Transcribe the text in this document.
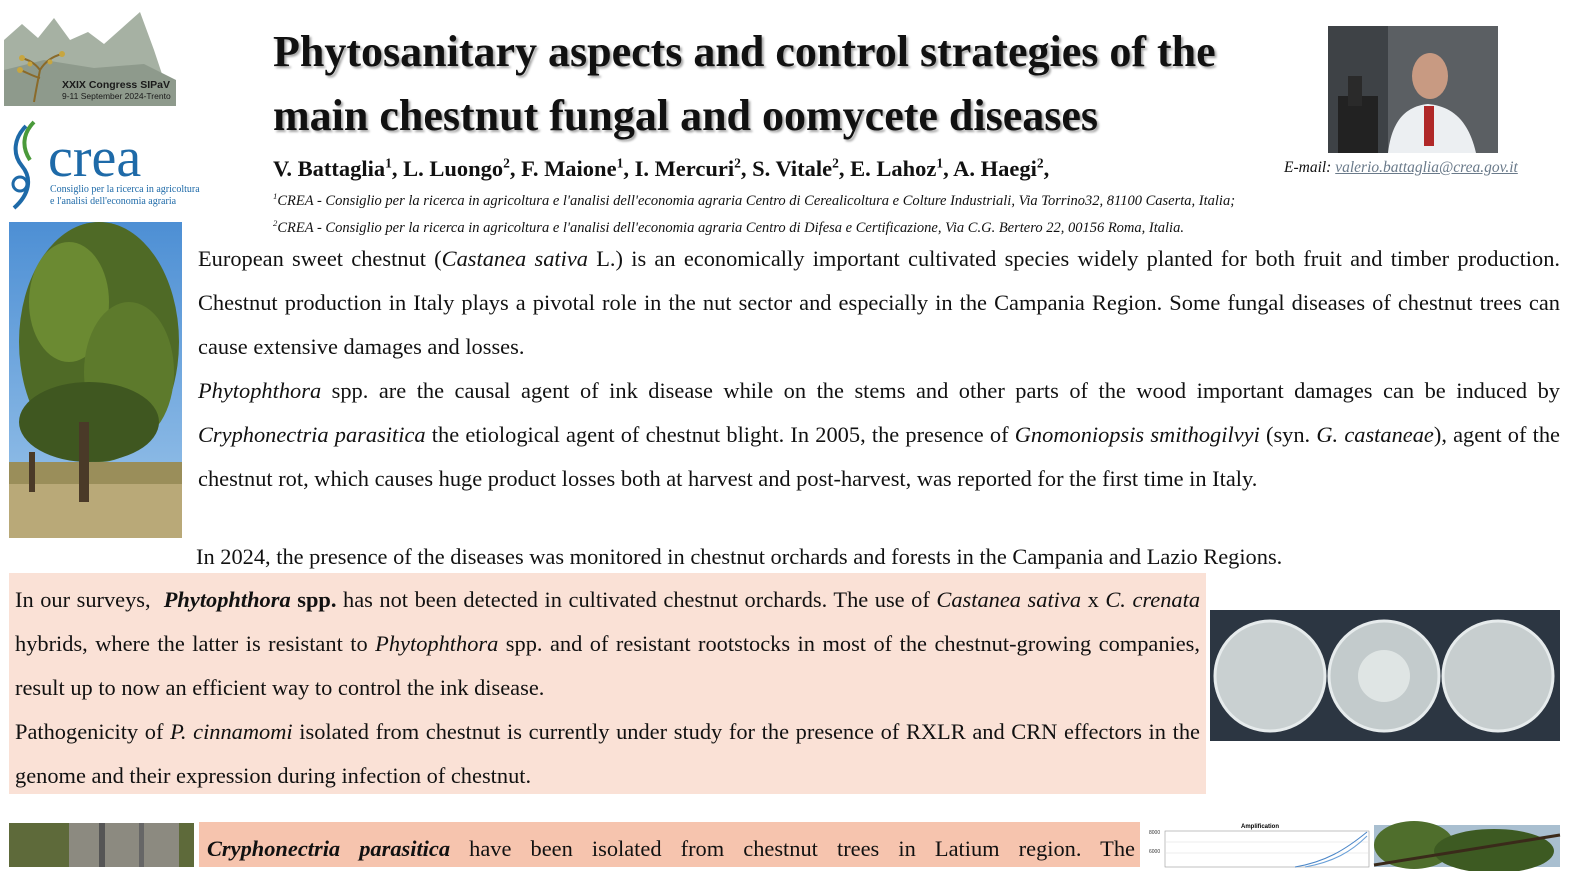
XXIX Congress SIPaV
9-11 September 2024-Trento
crea
Consiglio per la ricerca in agricoltura
e l'analisi dell'economia agraria
Phytosanitary aspects and control strategies of the
main chestnut fungal and oomycete diseases
V. Battaglia$^1$, L. Luongo$^2$, F. Maione$^1$, I. Mercuri$^2$, S. Vitale$^2$, E. Lahoz$^1$, A. Haegi$^2$,	E-mail: valerio.battaglia@crea.gov.it
$^1$CREA - Consiglio per la ricerca in agricoltura e l'analisi dell'economia agraria Centro di Cerealicoltura e Colture Industriali, Via Torrino32, 81100 Caserta, Italia;
$^2$CREA - Consiglio per la ricerca in agricoltura e l'analisi dell'economia agraria Centro di Difesa e Certificazione, Via C.G. Bertero 22, 00156 Roma, Italia.
European sweet chestnut (Castanea sativa L.) is an economically important cultivated species widely planted for both fruit and timber production. Chestnut production in Italy plays a pivotal role in the nut sector and especially in the Campania Region. Some fungal diseases of chestnut trees can cause extensive damages and losses.
Phytophthora spp. are the causal agent of ink disease while on the stems and other parts of the wood important damages can be induced by Cryphonectria parasitica the etiological agent of chestnut blight. In 2005, the presence of Gnomoniopsis smithogilvyi (syn. G. castaneae), agent of the chestnut rot, which causes huge product losses both at harvest and post-harvest, was reported for the first time in Italy.
In 2024, the presence of the diseases was monitored in chestnut orchards and forests in the Campania and Lazio Regions.
In our surveys,  Phytophthora spp. has not been detected in cultivated chestnut orchards. The use of Castanea sativa x C. crenata hybrids, where the latter is resistant to Phytophthora spp. and of resistant rootstocks in most of the chestnut-growing companies, result up to now an efficient way to control the ink disease.
Pathogenicity of P. cinnamomi isolated from chestnut is currently under study for the presence of RXLR and CRN effectors in the genome and their expression during infection of chestnut.
Cryphonectria parasitica have been isolated from chestnut trees in Latium region. The
Amplification
8000
6000
